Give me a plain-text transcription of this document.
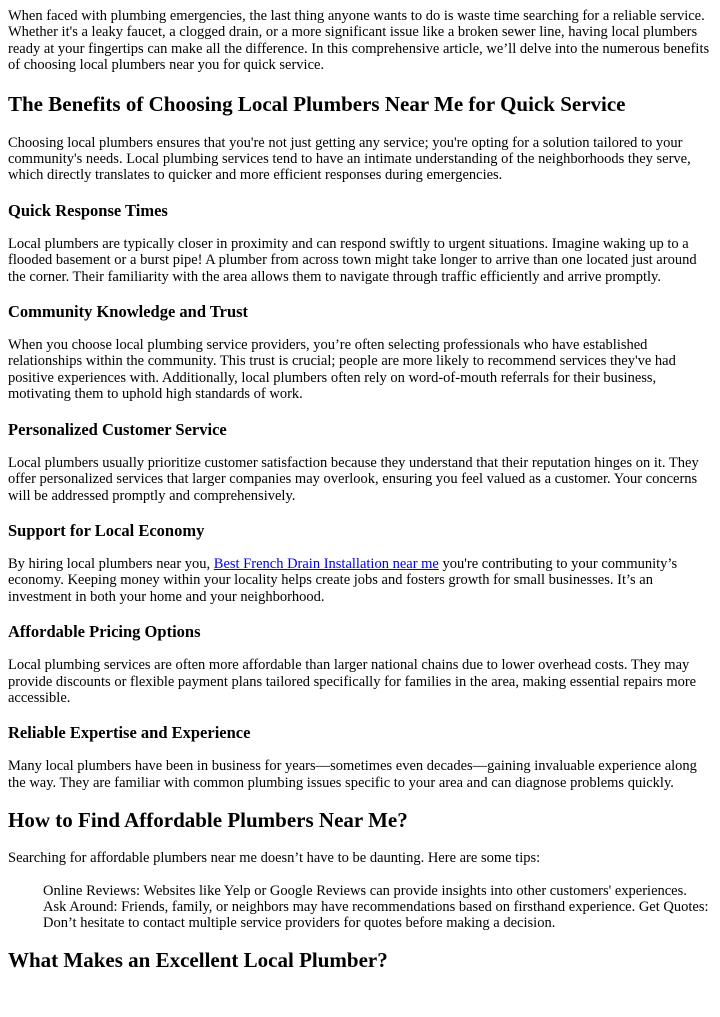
When faced with plumbing emergencies, the last thing anyone wants to do is waste time searching for a reliable service. Whether it's a leaky faucet, a clogged drain, or a more significant issue like a broken sewer line, having local plumbers ready at your fingertips can make all the difference. In this comprehensive article, we’ll delve into the numerous benefits of choosing local plumbers near you for quick service.

The Benefits of Choosing Local Plumbers Near Me for Quick Service

Choosing local plumbers ensures that you're not just getting any service; you're opting for a solution tailored to your community's needs. Local plumbing services tend to have an intimate understanding of the neighborhoods they serve, which directly translates to quicker and more efficient responses during emergencies.

Quick Response Times

Local plumbers are typically closer in proximity and can respond swiftly to urgent situations. Imagine waking up to a flooded basement or a burst pipe! A plumber from across town might take longer to arrive than one located just around the corner. Their familiarity with the area allows them to navigate through traffic efficiently and arrive promptly.

Community Knowledge and Trust

When you choose local plumbing service providers, you’re often selecting professionals who have established relationships within the community. This trust is crucial; people are more likely to recommend services they've had positive experiences with. Additionally, local plumbers often rely on word-of-mouth referrals for their business, motivating them to uphold high standards of work.

Personalized Customer Service

Local plumbers usually prioritize customer satisfaction because they understand that their reputation hinges on it. They offer personalized services that larger companies may overlook, ensuring you feel valued as a customer. Your concerns will be addressed promptly and comprehensively.

Support for Local Economy

By hiring local plumbers near you, Best French Drain Installation near me you're contributing to your community’s economy. Keeping money within your locality helps create jobs and fosters growth for small businesses. It’s an investment in both your home and your neighborhood.

Affordable Pricing Options

Local plumbing services are often more affordable than larger national chains due to lower overhead costs. They may provide discounts or flexible payment plans tailored specifically for families in the area, making essential repairs more accessible.

Reliable Expertise and Experience

Many local plumbers have been in business for years—sometimes even decades—gaining invaluable experience along the way. They are familiar with common plumbing issues specific to your area and can diagnose problems quickly.

How to Find Affordable Plumbers Near Me?

Searching for affordable plumbers near me doesn’t have to be daunting. Here are some tips:

Online Reviews: Websites like Yelp or Google Reviews can provide insights into other customers' experiences.
Ask Around: Friends, family, or neighbors may have recommendations based on firsthand experience. Get Quotes:
Don’t hesitate to contact multiple service providers for quotes before making a decision.
What Makes an Excellent Local Plumber?
